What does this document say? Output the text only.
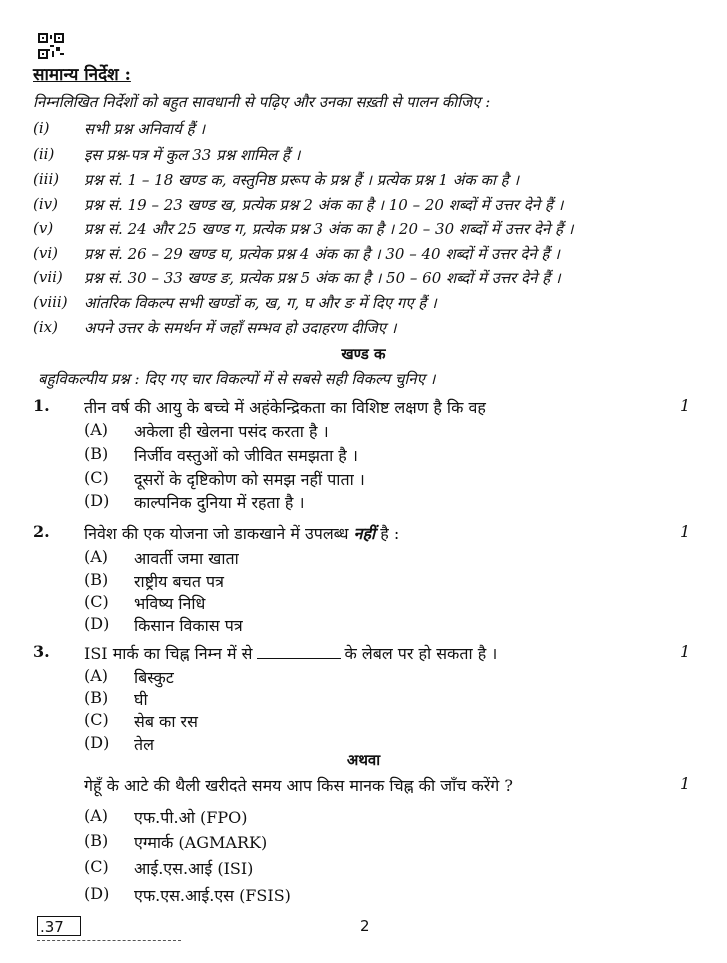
सामान्य निर्देश :
निम्नलिखित निर्देशों को बहुत सावधानी से पढ़िए और उनका सख़्ती से पालन कीजिए :
(i) सभी प्रश्न अनिवार्य हैं ।
(ii) इस प्रश्न-पत्र में कुल 33 प्रश्न शामिल हैं ।
(iii) प्रश्न सं. 1 – 18 खण्ड क, वस्तुनिष्ठ प्ररूप के प्रश्न हैं । प्रत्येक प्रश्न 1 अंक का है ।
(iv) प्रश्न सं. 19 – 23 खण्ड ख, प्रत्येक प्रश्न 2 अंक का है । 10 – 20 शब्दों में उत्तर देने हैं ।
(v) प्रश्न सं. 24 और 25 खण्ड ग, प्रत्येक प्रश्न 3 अंक का है । 20 – 30 शब्दों में उत्तर देने हैं ।
(vi) प्रश्न सं. 26 – 29 खण्ड घ, प्रत्येक प्रश्न 4 अंक का है । 30 – 40 शब्दों में उत्तर देने हैं ।
(vii) प्रश्न सं. 30 – 33 खण्ड ङ, प्रत्येक प्रश्न 5 अंक का है । 50 – 60 शब्दों में उत्तर देने हैं ।
(viii) आंतरिक विकल्प सभी खण्डों क, ख, ग, घ और ङ में दिए गए हैं ।
(ix) अपने उत्तर के समर्थन में जहाँ सम्भव हो उदाहरण दीजिए ।
खण्ड क
बहुविकल्पीय प्रश्न : दिए गए चार विकल्पों में से सबसे सही विकल्प चुनिए ।
1. तीन वर्ष की आयु के बच्चे में अहंकेन्द्रिकता का विशिष्ट लक्षण है कि वह	1
(A) अकेला ही खेलना पसंद करता है ।
(B) निर्जीव वस्तुओं को जीवित समझता है ।
(C) दूसरों के दृष्टिकोण को समझ नहीं पाता ।
(D) काल्पनिक दुनिया में रहता है ।
2. निवेश की एक योजना जो डाकखाने में उपलब्ध नहीं है :	1
(A) आवर्ती जमा खाता
(B) राष्ट्रीय बचत पत्र
(C) भविष्य निधि
(D) किसान विकास पत्र
3. ISI मार्क का चिह्न निम्न में से	के लेबल पर हो सकता है ।	1
(A) बिस्कुट
(B) घी
(C) सेब का रस
(D) तेल
अथवा
गेहूँ के आटे की थैली खरीदते समय आप किस मानक चिह्न की जाँच करेंगे ?	1
(A) एफ.पी.ओ (FPO)
(B) एग्मार्क (AGMARK)
(C) आई.एस.आई (ISI)
(D) एफ.एस.आई.एस (FSIS)
.37	2
